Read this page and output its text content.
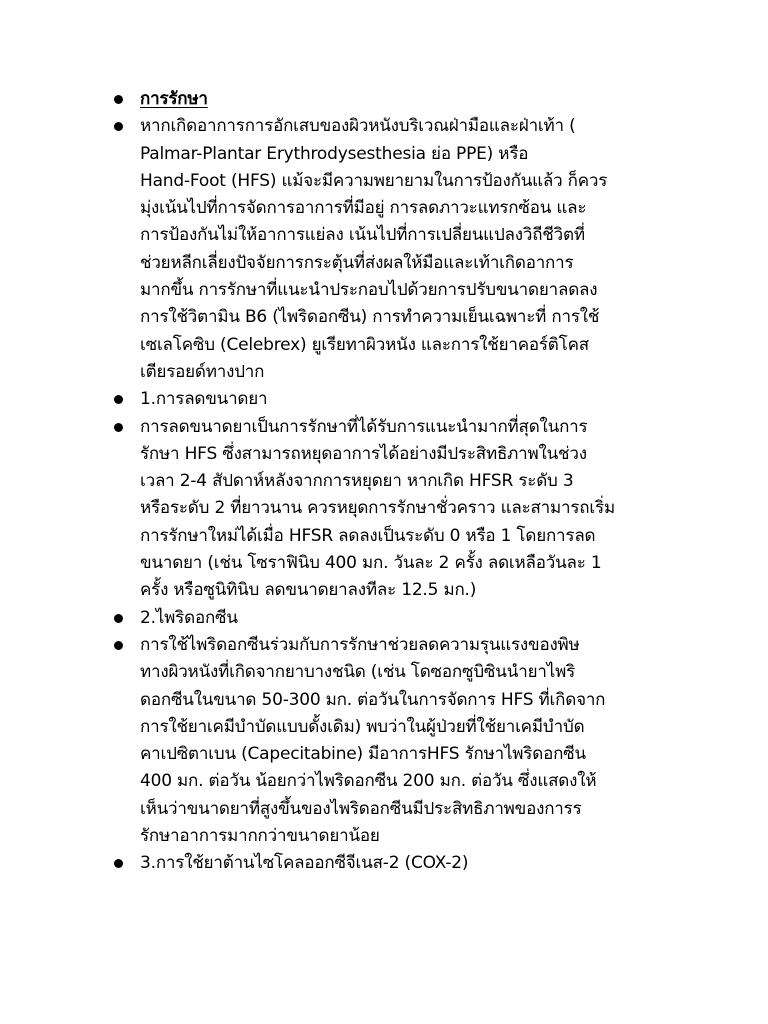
การรักษา
หากเกิดอาการการอักเสบของผิวหนังบริเวณฝ่ามือและฝ่าเท้า (
Palmar-Plantar Erythrodysesthesia ย่อ PPE) หรือ
Hand-Foot (HFS) แม้จะมีความพยายามในการป้องกันแล้ว ก็ควร
มุ่งเน้นไปที่การจัดการอาการที่มีอยู่ การลดภาวะแทรกซ้อน และ
การป้องกันไม่ให้อาการแย่ลง เน้นไปที่การเปลี่ยนแปลงวิถีชีวิตที่
ช่วยหลีกเลี่ยงปัจจัยการกระตุ้นที่ส่งผลให้มือและเท้าเกิดอาการ
มากขึ้น การรักษาที่แนะนำประกอบไปด้วยการปรับขนาดยาลดลง
การใช้วิตามิน B6 (ไพริดอกซีน) การทำความเย็นเฉพาะที่ การใช้
เซเลโคซิบ (Celebrex) ยูเรียทาผิวหนัง และการใช้ยาคอร์ติโคส
เตียรอยด์ทางปาก
1.การลดขนาดยา
การลดขนาดยาเป็นการรักษาที่ได้รับการแนะนำมากที่สุดในการ
รักษา HFS ซึ่งสามารถหยุดอาการได้อย่างมีประสิทธิภาพในช่วง
เวลา 2-4 สัปดาห์หลังจากการหยุดยา หากเกิด HFSR ระดับ 3
หรือระดับ 2 ที่ยาวนาน ควรหยุดการรักษาชั่วคราว และสามารถเริ่ม
การรักษาใหม่ได้เมื่อ HFSR ลดลงเป็นระดับ 0 หรือ 1 โดยการลด
ขนาดยา (เช่น โซราฟินิบ 400 มก. วันละ 2 ครั้ง ลดเหลือวันละ 1
ครั้ง หรือซูนิทินิบ ลดขนาดยาลงทีละ 12.5 มก.)
2.ไพริดอกซีน
การใช้ไพริดอกซีนร่วมกับการรักษาช่วยลดความรุนแรงของพิษ
ทางผิวหนังที่เกิดจากยาบางชนิด (เช่น โดซอกซูบิซินนำยาไพริ
ดอกซีนในขนาด 50-300 มก. ต่อวันในการจัดการ HFS ที่เกิดจาก
การใช้ยาเคมีบำบัดแบบดั้งเดิม) พบว่าในผู้ป่วยที่ใช้ยาเคมีบำบัด
คาเปซิตาเบน (Capecitabine) มีอาการHFS รักษาไพริดอกซีน
400 มก. ต่อวัน น้อยกว่าไพริดอกซีน 200 มก. ต่อวัน ซึ่งแสดงให้
เห็นว่าขนาดยาที่สูงขึ้นของไพริดอกซีนมีประสิทธิภาพของการร
รักษาอาการมากกว่าขนาดยาน้อย
3.การใช้ยาต้านไซโคลออกซีจีเนส-2 (COX-2)
